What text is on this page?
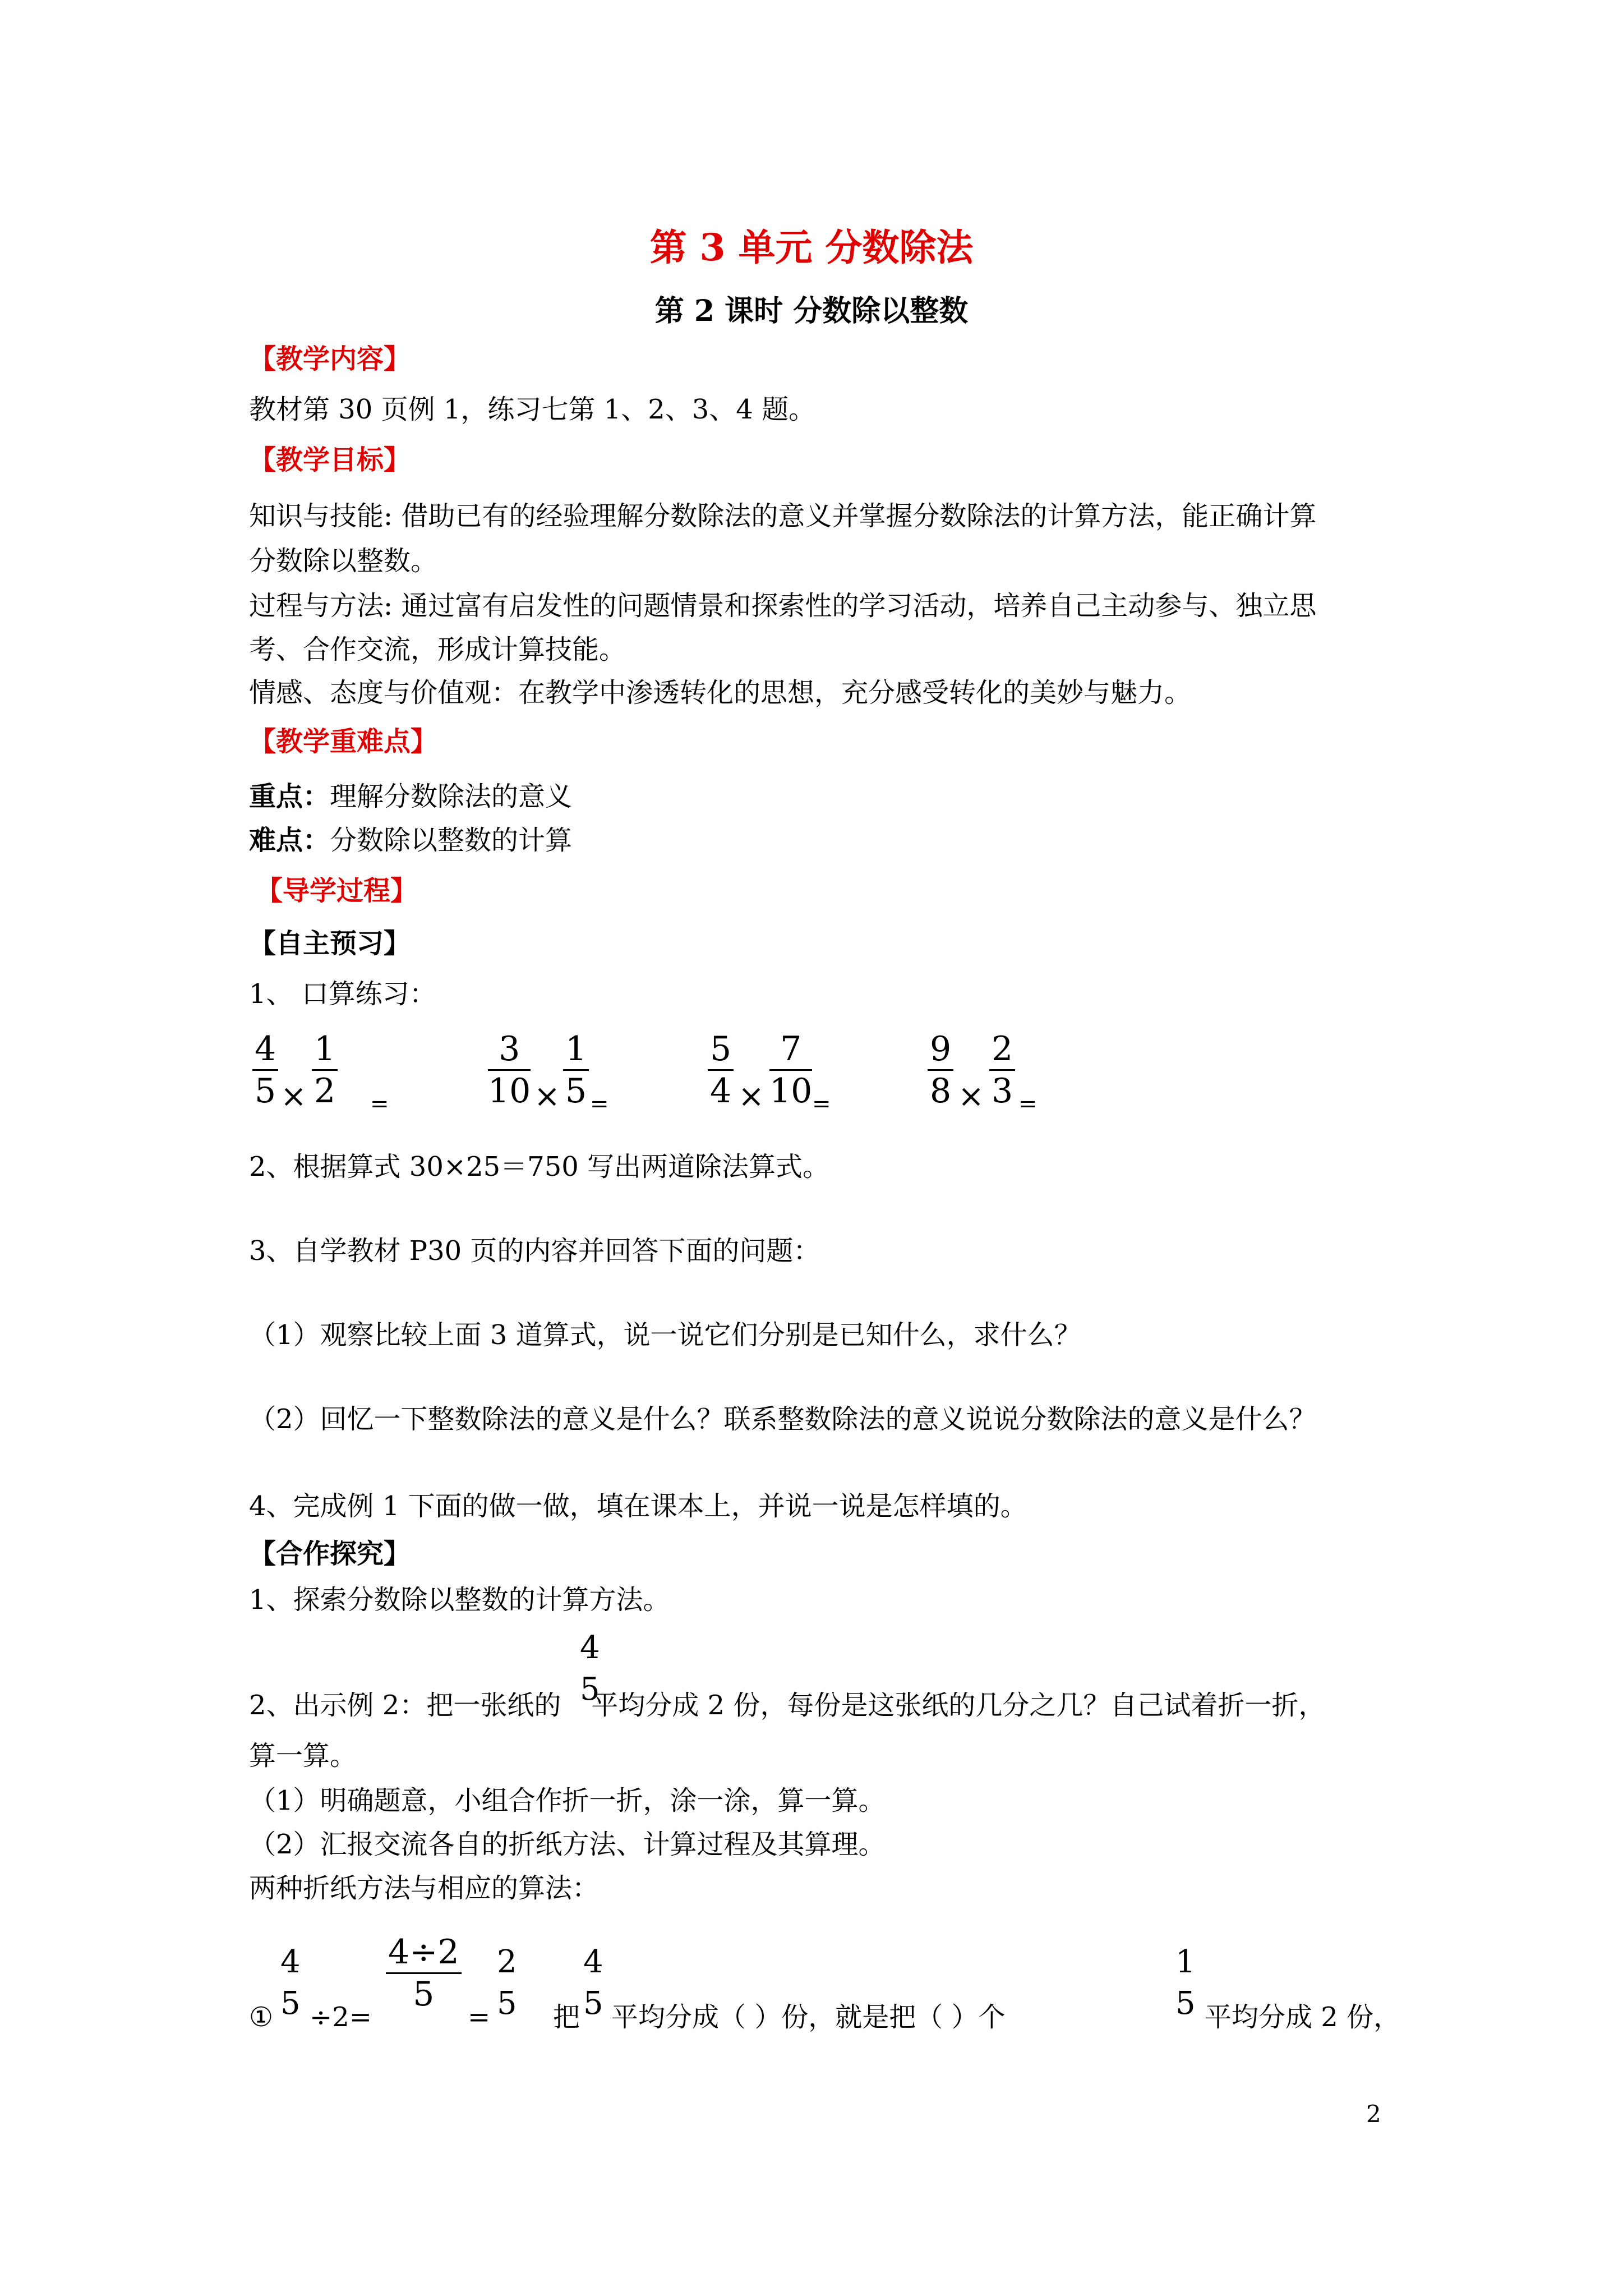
第 3 单元 分数除法
第 2 课时 分数除以整数
【教学内容】
教材第 30 页例 1，练习七第 1、2、3、4 题。
【教学目标】
知识与技能: 借助已有的经验理解分数除法的意义并掌握分数除法的计算方法，能正确计算
分数除以整数。
过程与方法: 通过富有启发性的问题情景和探索性的学习活动，培养自己主动参与、独立思
考、合作交流，形成计算技能。
情感、态度与价值观：在教学中渗透转化的思想，充分感受转化的美妙与魅力。
【教学重难点】
重点：理解分数除法的意义
难点：分数除以整数的计算
【导学过程】
【自主预习】
1、 口算练习：
$\frac{4}{5} \times \frac{1}{2}$ =	$\frac{3}{10} \times \frac{1}{5}$ =	$\frac{5}{4} \times \frac{7}{10}$ =	$\frac{9}{8} \times \frac{2}{3}$ =
2、根据算式 30×25＝750 写出两道除法算式。
3、自学教材 P30 页的内容并回答下面的问题：
（1）观察比较上面 3 道算式，说一说它们分别是已知什么，求什么？
（2）回忆一下整数除法的意义是什么？联系整数除法的意义说说分数除法的意义是什么？
4、完成例 1 下面的做一做，填在课本上，并说一说是怎样填的。
【合作探究】
1、探索分数除以整数的计算方法。
2、出示例 2：把一张纸的 平均分成 2 份，每份是这张纸的几分之几？自己试着折一折，
4
5
算一算。
（1）明确题意，小组合作折一折，涂一涂，算一算。
（2）汇报交流各自的折纸方法、计算过程及其算理。
两种折纸方法与相应的算法：
①
4
5 ÷2=
$\frac{4\div 2}{5}$
=
2
5 把
4
5 平均分成（ ）份，就是把（ ）个
1
5 平均分成 2 份，
2
